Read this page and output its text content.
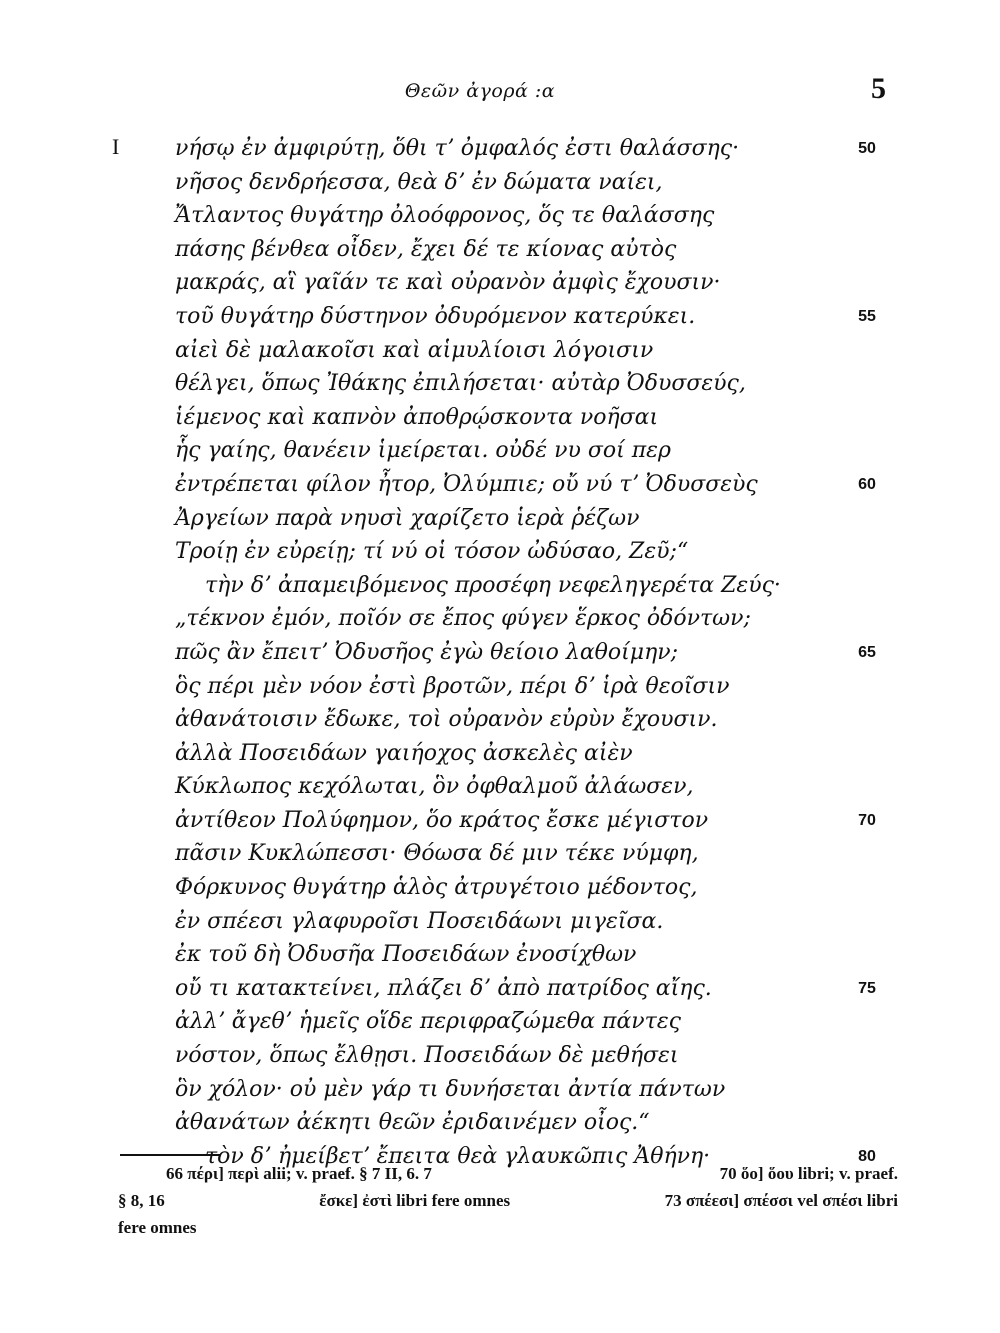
Θεῶν ἀγορά :α	5
I	νήσῳ ἐν ἀμφιρύτῃ, ὅθι τʼ ὀμφαλός ἐστι θαλάσσης·	50
νῆσος δενδρήεσσα, θεὰ δʼ ἐν δώματα ναίει,
Ἄτλαντος θυγάτηρ ὀλοόφρονος, ὅς τε θαλάσσης
πάσης βένθεα οἶδεν, ἔχει δέ τε κίονας αὐτὸς
μακράς, αἳ γαῖάν τε καὶ οὐρανὸν ἀμφὶς ἔχουσιν·
τοῦ θυγάτηρ δύστηνον ὀδυρόμενον κατερύκει.	55
αἰεὶ δὲ μαλακοῖσι καὶ αἱμυλίοισι λόγοισιν
θέλγει, ὅπως Ἰθάκης ἐπιλήσεται· αὐτὰρ Ὀδυσσεύς,
ἱέμενος καὶ καπνὸν ἀποθρῴσκοντα νοῆσαι
ἧς γαίης, θανέειν ἱμείρεται. οὐδέ νυ σοί περ
ἐντρέπεται φίλον ἦτορ, Ὀλύμπιε; οὔ νύ τʼ Ὀδυσσεὺς	60
Ἀργείων παρὰ νηυσὶ χαρίζετο ἱερὰ ῥέζων
Τροίῃ ἐν εὐρείῃ; τί νύ οἱ τόσον ὠδύσαο, Ζεῦ;“
τὴν δʼ ἀπαμειβόμενος προσέφη νεφεληγερέτα Ζεύς·
„τέκνον ἐμόν, ποῖόν σε ἔπος φύγεν ἕρκος ὀδόντων;
πῶς ἂν ἔπειτʼ Ὀδυσῆος ἐγὼ θείοιο λαθοίμην;	65
ὃς πέρι μὲν νόον ἐστὶ βροτῶν, πέρι δʼ ἱρὰ θεοῖσιν
ἀθανάτοισιν ἔδωκε, τοὶ οὐρανὸν εὐρὺν ἔχουσιν.
ἀλλὰ Ποσειδάων γαιήοχος ἀσκελὲς αἰὲν
Κύκλωπος κεχόλωται, ὃν ὀφθαλμοῦ ἀλάωσεν,
ἀντίθεον Πολύφημον, ὅο κράτος ἔσκε μέγιστον	70
πᾶσιν Κυκλώπεσσι· Θόωσα δέ μιν τέκε νύμφη,
Φόρκυνος θυγάτηρ ἁλὸς ἀτρυγέτοιο μέδοντος,
ἐν σπέεσι γλαφυροῖσι Ποσειδάωνι μιγεῖσα.
ἐκ τοῦ δὴ Ὀδυσῆα Ποσειδάων ἐνοσίχθων
οὔ τι κατακτείνει, πλάζει δʼ ἀπὸ πατρίδος αἴης.	75
ἀλλʼ ἄγεθʼ ἡμεῖς οἵδε περιφραζώμεθα πάντες
νόστον, ὅπως ἔλθῃσι. Ποσειδάων δὲ μεθήσει
ὃν χόλον· οὐ μὲν γάρ τι δυνήσεται ἀντία πάντων
ἀθανάτων ἀέκητι θεῶν ἐριδαινέμεν οἶος.“
τὸν δʼ ἠμείβετʼ ἔπειτα θεὰ γλαυκῶπις Ἀθήνη·	80
66 πέρι] περὶ alii; v. praef. § 7 II, 6. 7	70 ὅο] ὅου libri; v. praef.
§ 8, 16	ἔσκε] ἐστὶ libri fere omnes	73 σπέεσι] σπέσσι vel σπέσι libri
fere omnes
